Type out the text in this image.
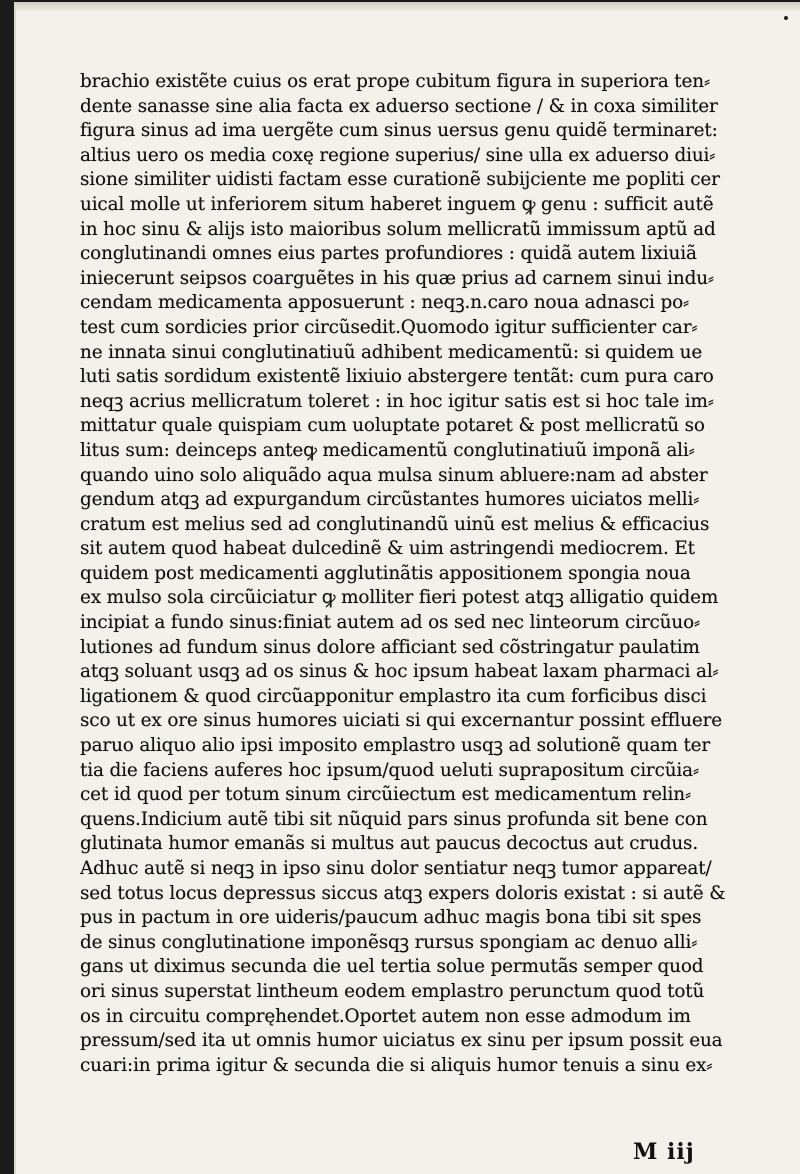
brachio existẽte cuius os erat prope cubitum figura in superiora ten⸗
dente sanasse sine alia facta ex aduerso sectione / & in coxa similiter
figura sinus ad ima uergẽte cum sinus uersus genu quidẽ terminaret:
altius uero os media coxę regione superius/ sine ulla ex aduerso diui⸗
sione similiter uidisti factam esse curationẽ subijciente me popliti cer
uical molle ut inferiorem situm haberet inguem ꝙ genu : sufficit autẽ
in hoc sinu & alijs isto maioribus solum mellicratũ immissum aptũ ad
conglutinandi omnes eius partes profundiores : quidã autem lixiuiã
iniecerunt seipsos coarguẽtes in his quæ prius ad carnem sinui indu⸗
cendam medicamenta apposuerunt : neqꝫ.n.caro noua adnasci po⸗
test cum sordicies prior circũsedit.Quomodo igitur sufficienter car⸗
ne innata sinui conglutinatiuũ adhibent medicamentũ: si quidem ue
luti satis sordidum existentẽ lixiuio abstergere tentãt: cum pura caro
neqꝫ acrius mellicratum toleret : in hoc igitur satis est si hoc tale im⸗
mittatur quale quispiam cum uoluptate potaret & post mellicratũ so
litus sum: deinceps anteꝙ medicamentũ conglutinatiuũ imponã ali⸗
quando uino solo aliquãdo aqua mulsa sinum abluere:nam ad abster
gendum atqꝫ ad expurgandum circũstantes humores uiciatos melli⸗
cratum est melius sed ad conglutinandũ uinũ est melius & efficacius
sit autem quod habeat dulcedinẽ & uim astringendi mediocrem. Et
quidem post medicamenti agglutinãtis appositionem spongia noua
ex mulso sola circũiciatur ꝙ molliter fieri potest atqꝫ alligatio quidem
incipiat a fundo sinus:finiat autem ad os sed nec linteorum circũuo⸗
lutiones ad fundum sinus dolore afficiant sed cõstringatur paulatim
atqꝫ soluant usqꝫ ad os sinus & hoc ipsum habeat laxam pharmaci al⸗
ligationem & quod circũapponitur emplastro ita cum forficibus disci
sco ut ex ore sinus humores uiciati si qui excernantur possint effluere
paruo aliquo alio ipsi imposito emplastro usqꝫ ad solutionẽ quam ter
tia die faciens auferes hoc ipsum/quod ueluti suprapositum circũia⸗
cet id quod per totum sinum circũiectum est medicamentum relin⸗
quens.Indicium autẽ tibi sit nũquid pars sinus profunda sit bene con
glutinata humor emanãs si multus aut paucus decoctus aut crudus.
Adhuc autẽ si neqꝫ in ipso sinu dolor sentiatur neqꝫ tumor appareat/
sed totus locus depressus siccus atqꝫ expers doloris existat : si autẽ &
pus in pactum in ore uideris/paucum adhuc magis bona tibi sit spes
de sinus conglutinatione imponẽsqꝫ rursus spongiam ac denuo alli⸗
gans ut diximus secunda die uel tertia solue permutãs semper quod
ori sinus superstat lintheum eodem emplastro perunctum quod totũ
os in circuitu compręhendet.Oportet autem non esse admodum im
pressum/sed ita ut omnis humor uiciatus ex sinu per ipsum possit eua
cuari:in prima igitur & secunda die si aliquis humor tenuis a sinu ex⸗
M iij
